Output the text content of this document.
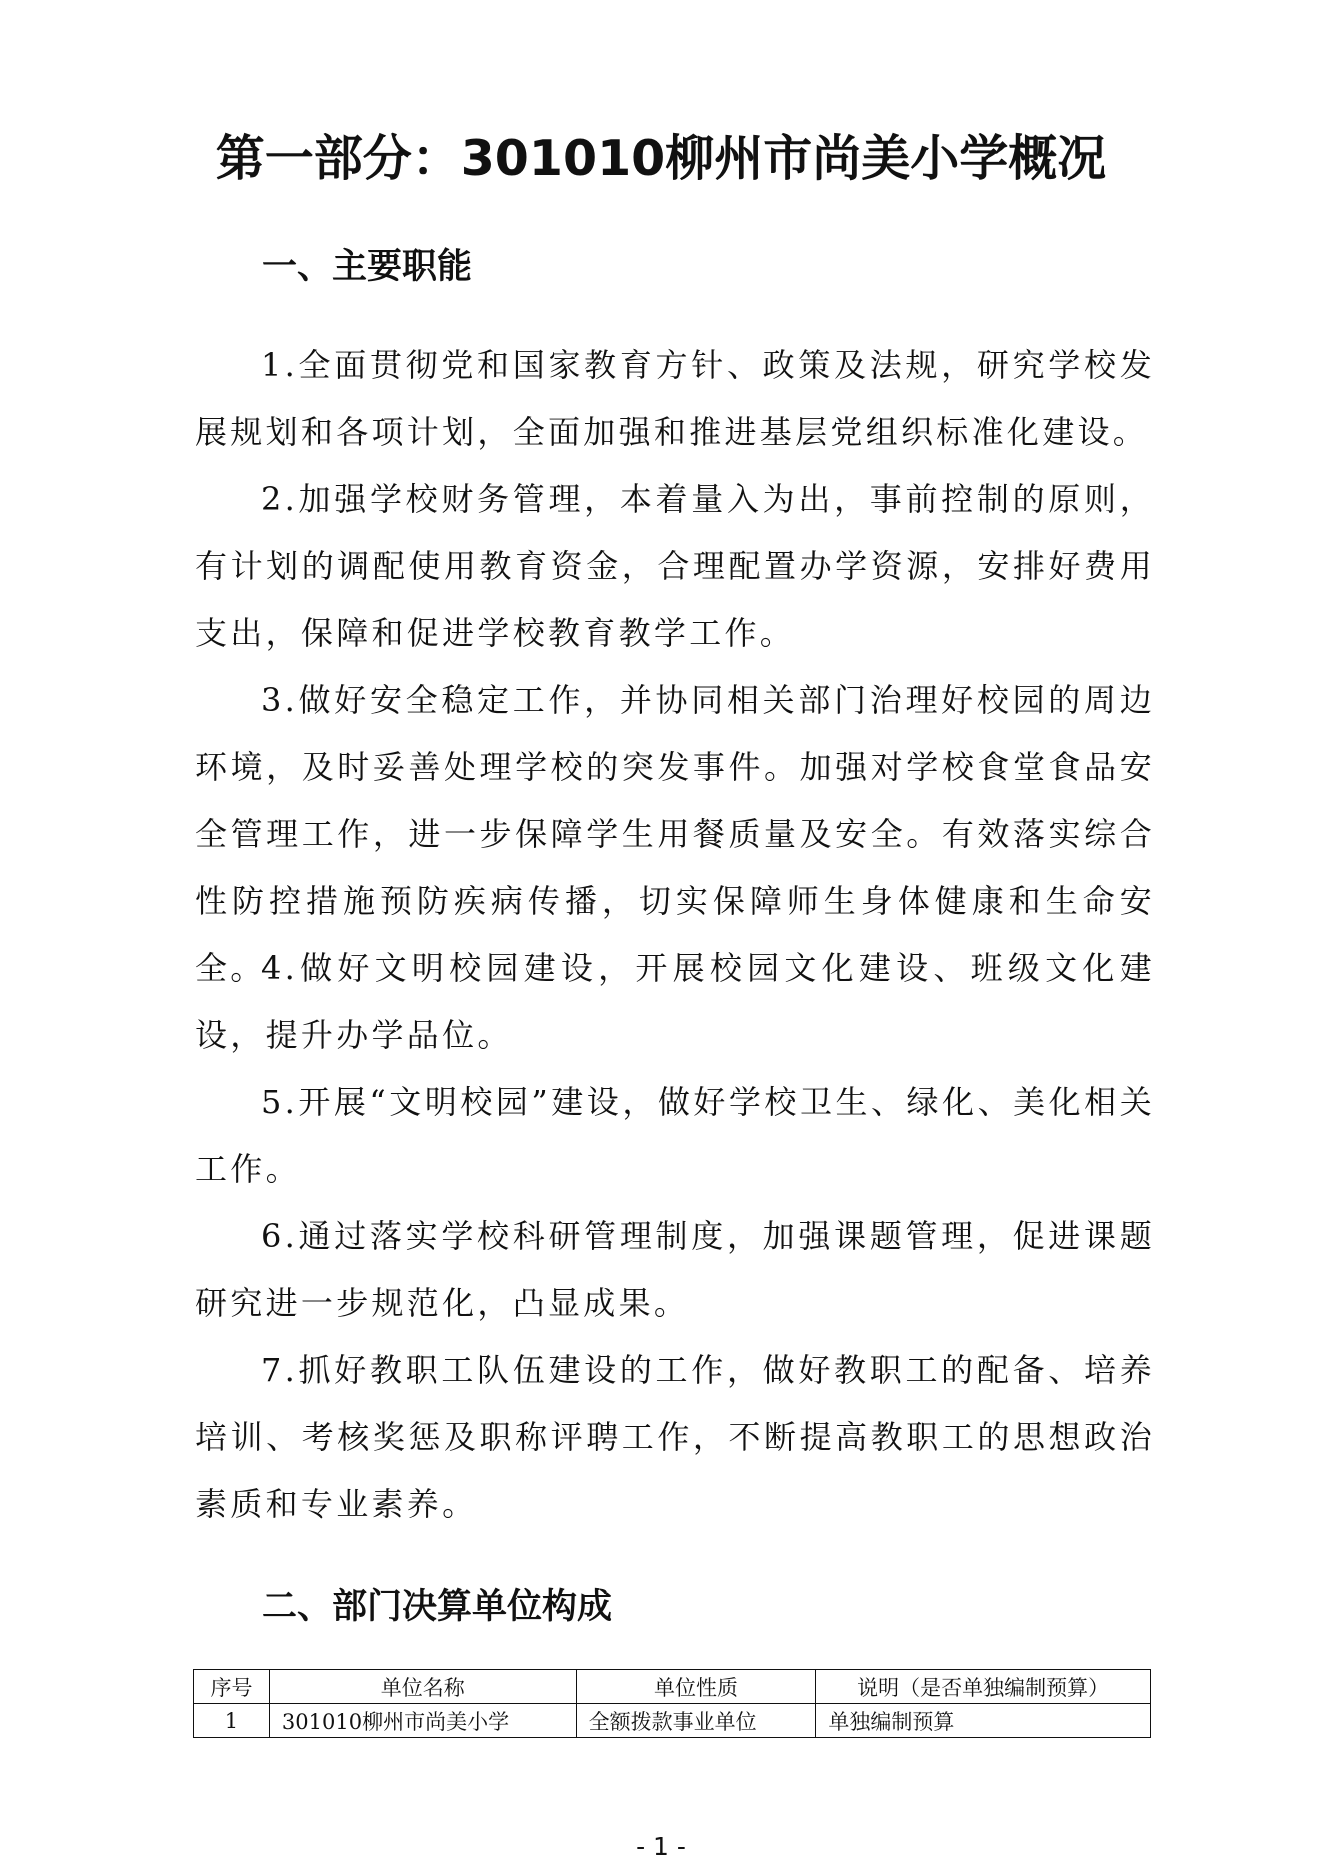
第一部分：301010柳州市尚美小学概况
一、主要职能

1.全面贯彻党和国家教育方针、政策及法规，研究学校发展规划和各项计划，全面加强和推进基层党组织标准化建设。

2.加强学校财务管理，本着量入为出，事前控制的原则，有计划的调配使用教育资金，合理配置办学资源，安排好费用支出，保障和促进学校教育教学工作。

3.做好安全稳定工作，并协同相关部门治理好校园的周边环境，及时妥善处理学校的突发事件。加强对学校食堂食品安全管理工作，进一步保障学生用餐质量及安全。有效落实综合性防控措施预防疾病传播，切实保障师生身体健康和生命安全。

4.做好文明校园建设，开展校园文化建设、班级文化建设，提升办学品位。

5.开展“文明校园”建设，做好学校卫生、绿化、美化相关工作。

6.通过落实学校科研管理制度，加强课题管理，促进课题研究进一步规范化，凸显成果。

7.抓好教职工队伍建设的工作，做好教职工的配备、培养培训、考核奖惩及职称评聘工作，不断提高教职工的思想政治素质和专业素养。

二、部门决算单位构成
序号	单位名称	单位性质	说明（是否单独编制预算）
1	301010柳州市尚美小学	全额拨款事业单位	单独编制预算
- 1 -
